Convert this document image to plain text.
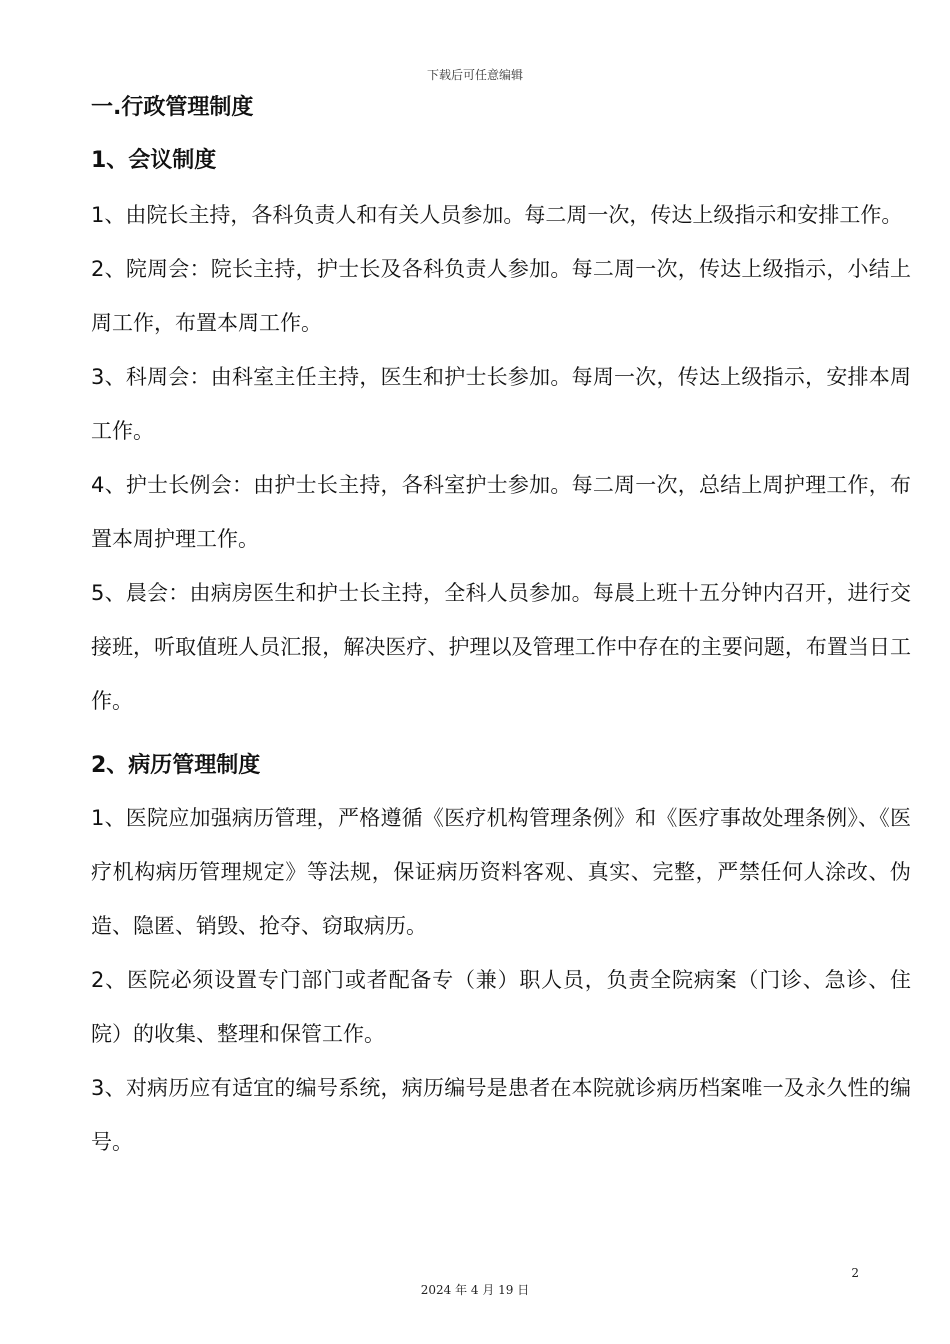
下载后可任意编辑
一.行政管理制度
1、会议制度

1、由院长主持，各科负责人和有关人员参加。每二周一次，传达上级指示和安排工作。

2、院周会：院长主持，护士长及各科负责人参加。每二周一次，传达上级指示，小结上周工作，布置本周工作。

3、科周会：由科室主任主持，医生和护士长参加。每周一次，传达上级指示，安排本周工作。

4、护士长例会：由护士长主持，各科室护士参加。每二周一次，总结上周护理工作，布置本周护理工作。

5、晨会：由病房医生和护士长主持，全科人员参加。每晨上班十五分钟内召开，进行交接班，听取值班人员汇报，解决医疗、护理以及管理工作中存在的主要问题，布置当日工作。

2、病历管理制度

1、医院应加强病历管理，严格遵循《医疗机构管理条例》和《医疗事故处理条例》、《医疗机构病历管理规定》等法规，保证病历资料客观、真实、完整，严禁任何人涂改、伪造、隐匿、销毁、抢夺、窃取病历。

2、医院必须设置专门部门或者配备专（兼）职人员，负责全院病案（门诊、急诊、住院）的收集、整理和保管工作。

3、对病历应有适宜的编号系统，病历编号是患者在本院就诊病历档案唯一及永久性的编号。

2
2024 年 4 月 19 日
